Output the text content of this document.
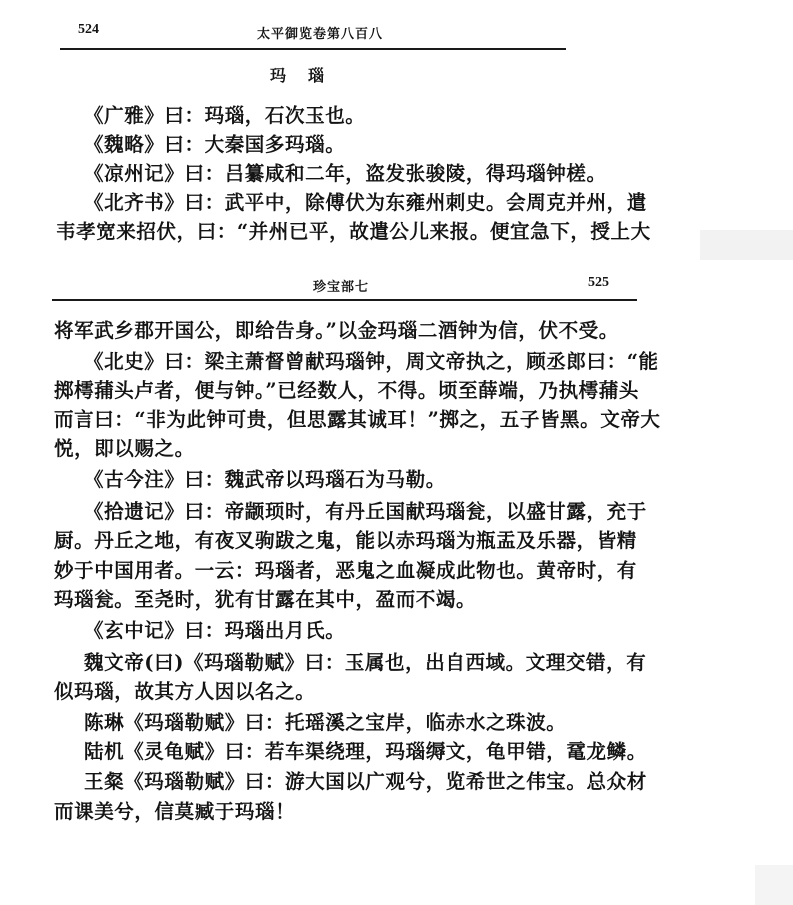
524	太平御览卷第八百八
玛瑙
《广雅》曰：玛瑙，石次玉也。
《魏略》曰：大秦国多玛瑙。
《凉州记》曰：吕纂咸和二年，盗发张骏陵，得玛瑙钟槎。
《北齐书》曰：武平中，除傅伏为东雍州刺史。会周克并州，遣
韦孝宽来招伏，曰：“并州已平，故遣公儿来报。便宜急下，授上大
珍宝部七	525
将军武乡郡开国公，即给告身。”以金玛瑙二酒钟为信，伏不受。
《北史》曰：梁主萧督曾献玛瑙钟，周文帝执之，顾丞郎曰：“能
掷樗蒱头卢者，便与钟。”已经数人，不得。顷至薛端，乃执樗蒱头
而言曰：“非为此钟可贵，但思露其诚耳！”掷之，五子皆黑。文帝大
悦，即以赐之。
《古今注》曰：魏武帝以玛瑙石为马勒。
《拾遗记》曰：帝颛顼时，有丹丘国献玛瑙瓮，以盛甘露，充于
厨。丹丘之地，有夜叉驹跋之鬼，能以赤玛瑙为瓶盂及乐器，皆精
妙于中国用者。一云：玛瑙者，恶鬼之血凝成此物也。黄帝时，有
玛瑙瓮。至尧时，犹有甘露在其中，盈而不竭。
《玄中记》曰：玛瑙出月氏。
魏文帝(曰)《玛瑙勒赋》曰：玉属也，出自西域。文理交错，有
似玛瑙，故其方人因以名之。
陈琳《玛瑙勒赋》曰：托瑶溪之宝岸，临赤水之珠波。
陆机《灵龟赋》曰：若车渠绕理，玛瑙缛文，龟甲错，鼋龙鳞。
王粲《玛瑙勒赋》曰：游大国以广观兮，览希世之伟宝。总众材
而课美兮，信莫臧于玛瑙！
